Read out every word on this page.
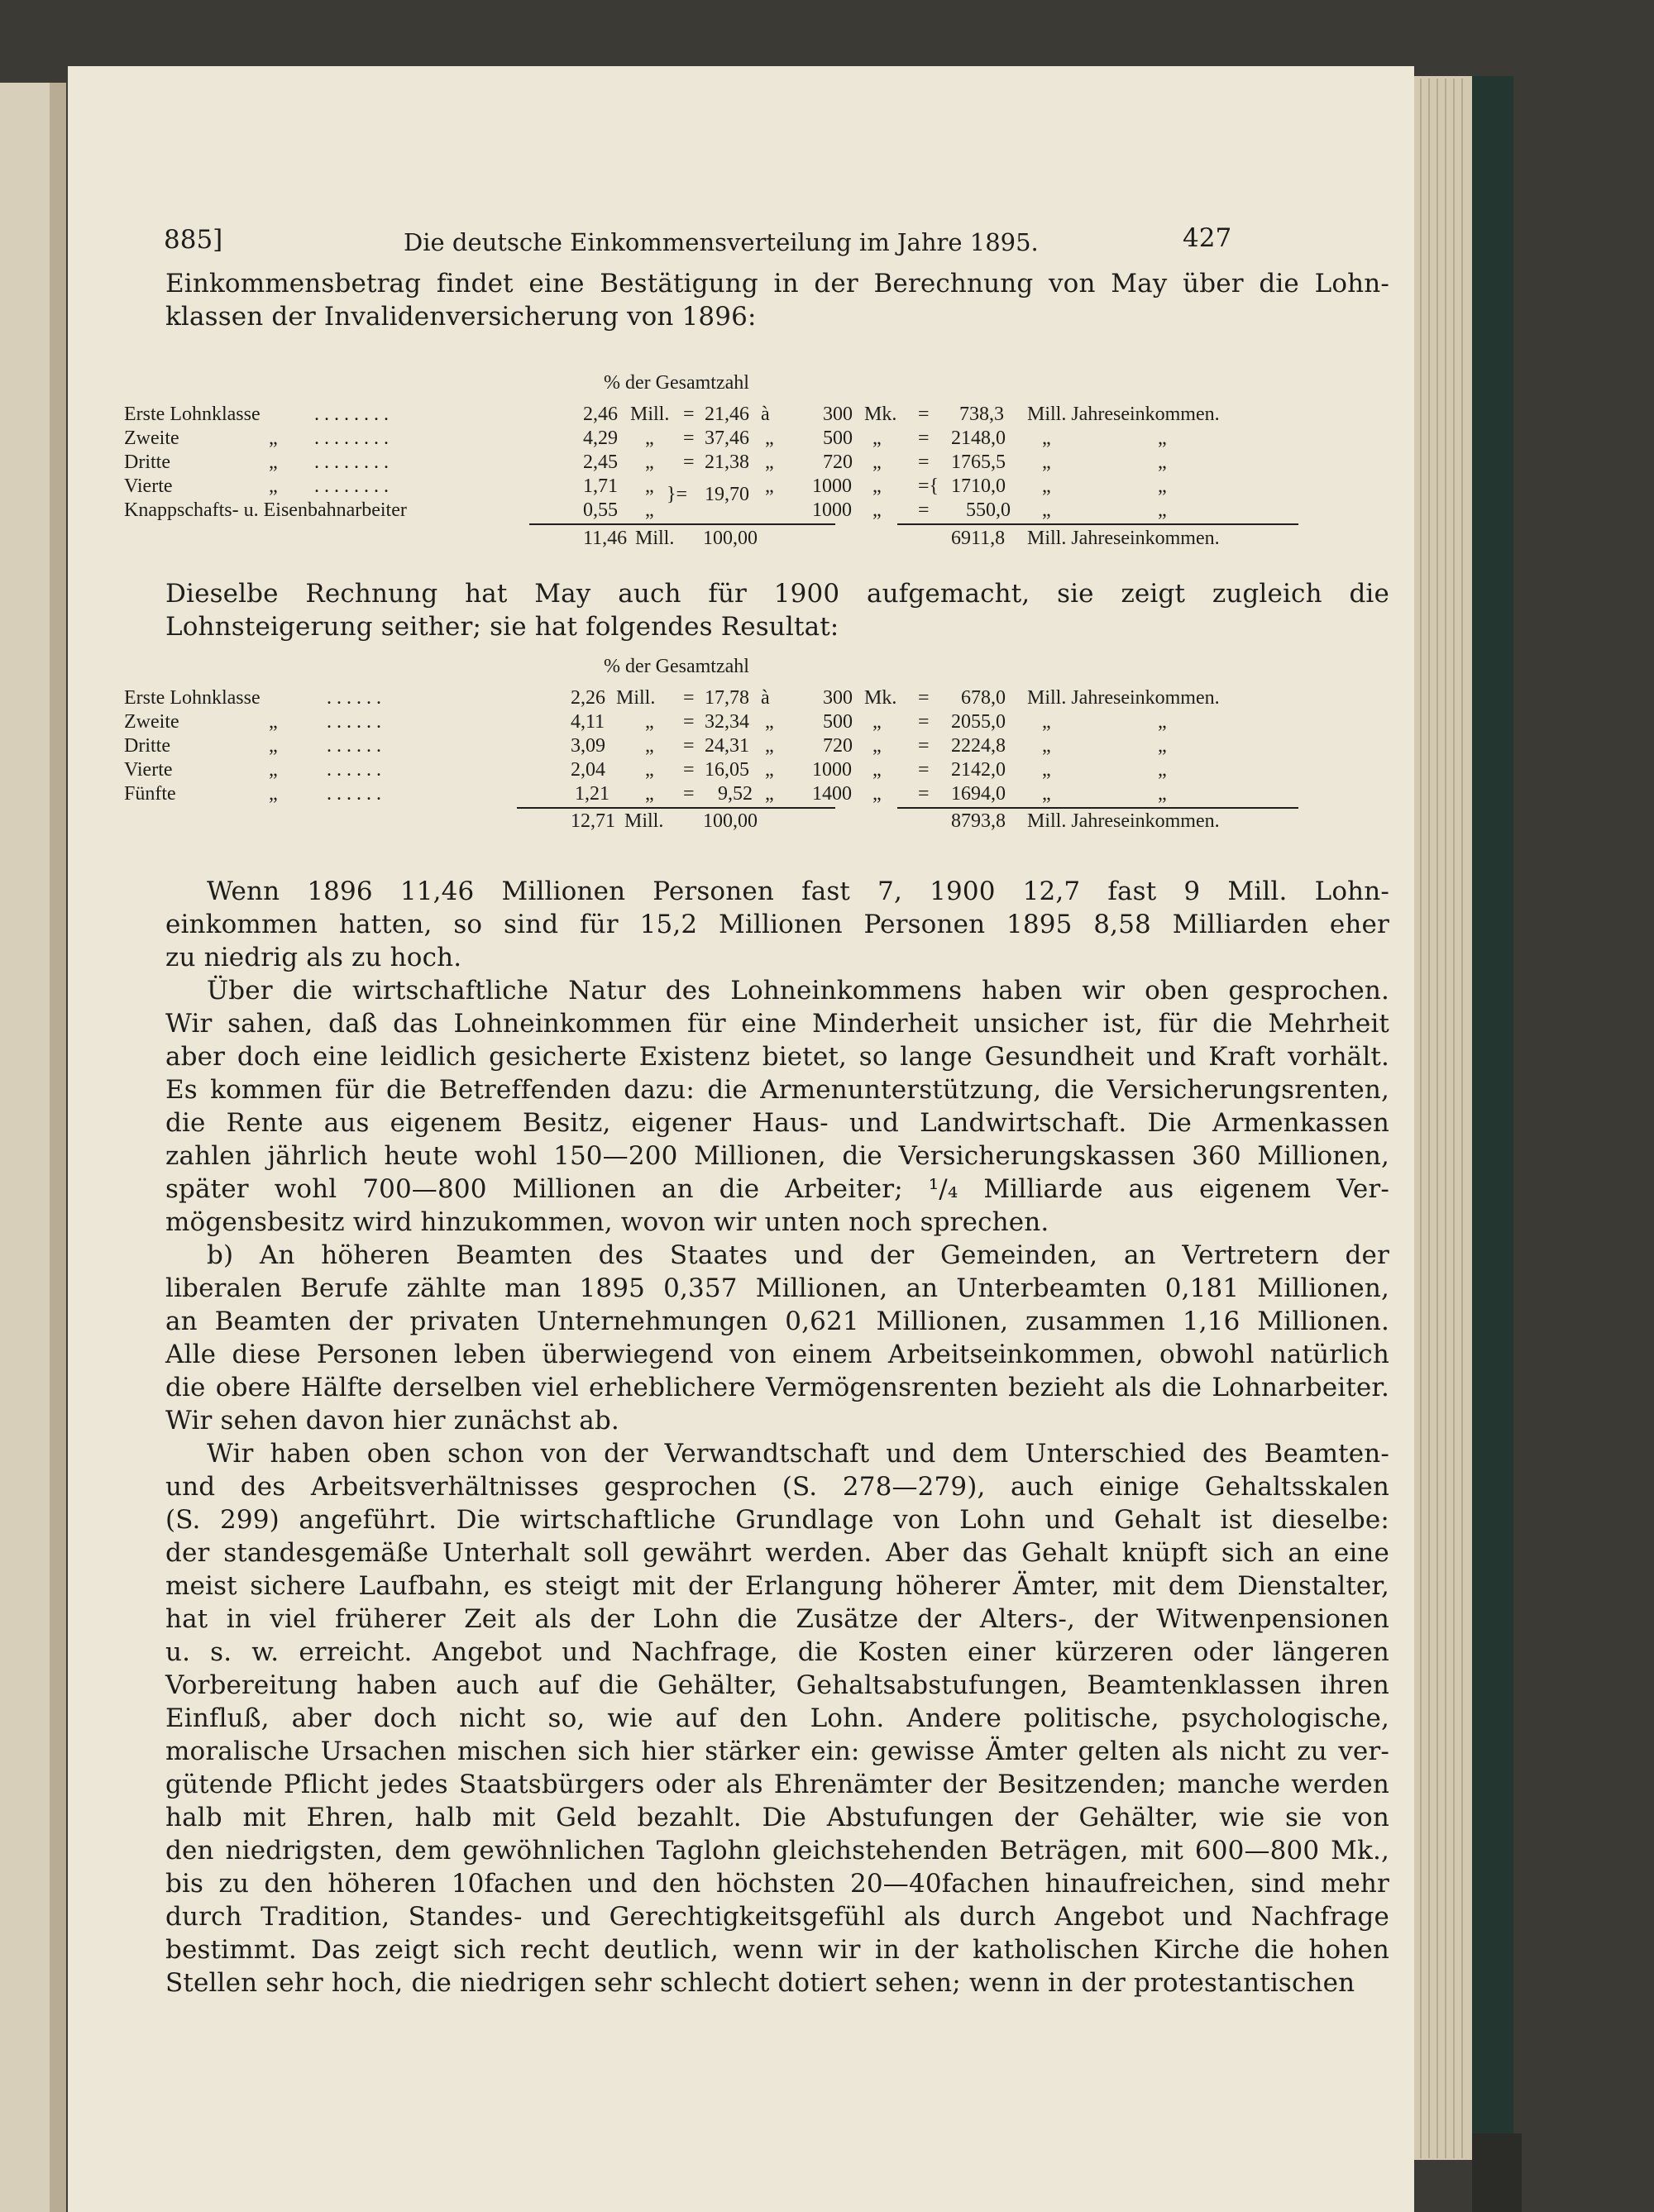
885]	Die deutsche Einkommensverteilung im Jahre 1895.	427
Einkommensbetrag findet eine Bestätigung in der Berechnung von May über die Lohn-
klassen der Invalidenversicherung von 1896:
% der Gesamtzahl
Erste Lohnklasse	. . . . . . . .	2,46 Mill. = 21,46 à	300 Mk. = 738,3 Mill. Jahreseinkommen.
Zweite	„ . . . . . . . .	4,29 „ = 37,46 „ 500 „ = 2148,0 „	„
Dritte	„ . . . . . . . .	2,45 „ = 21,38 „ 720 „ = 1765,5 „	„
Vierte	„ . . . . . . . .	1,71 „ }= 19,70 „ 1000 „ ={ 1710,0 „	„
Knappschafts- u. Eisenbahnarbeiter	0,55 „	1000 „ = 550,0 „	„
11,46 Mill. 100,00	6911,8 Mill. Jahreseinkommen.
Dieselbe Rechnung hat May auch für 1900 aufgemacht, sie zeigt zugleich die
Lohnsteigerung seither; sie hat folgendes Resultat:
% der Gesamtzahl
Erste Lohnklasse	. . . . . .	2,26 Mill. = 17,78 à	300 Mk. = 678,0 Mill. Jahreseinkommen.
Zweite	„ . . . . . .	4,11 „ = 32,34 „ 500 „ = 2055,0 „	„
Dritte	„ . . . . . .	3,09 „ = 24,31 „ 720 „ = 2224,8 „	„
Vierte	„ . . . . . .	2,04 „ = 16,05 „ 1000 „ = 2142,0 „	„
Fünfte	„ . . . . . .	1,21 „ = 9,52 „ 1400 „ = 1694,0 „	„
12,71 Mill. 100,00	8793,8 Mill. Jahreseinkommen.
Wenn 1896 11,46 Millionen Personen fast 7, 1900 12,7 fast 9 Mill. Lohn-
einkommen hatten, so sind für 15,2 Millionen Personen 1895 8,58 Milliarden eher
zu niedrig als zu hoch.
Über die wirtschaftliche Natur des Lohneinkommens haben wir oben gesprochen.
Wir sahen, daß das Lohneinkommen für eine Minderheit unsicher ist, für die Mehrheit
aber doch eine leidlich gesicherte Existenz bietet, so lange Gesundheit und Kraft vorhält.
Es kommen für die Betreffenden dazu: die Armenunterstützung, die Versicherungsrenten,
die Rente aus eigenem Besitz, eigener Haus- und Landwirtschaft. Die Armenkassen
zahlen jährlich heute wohl 150—200 Millionen, die Versicherungskassen 360 Millionen,
später wohl 700—800 Millionen an die Arbeiter; ¹/₄ Milliarde aus eigenem Ver-
mögensbesitz wird hinzukommen, wovon wir unten noch sprechen.
b) An höheren Beamten des Staates und der Gemeinden, an Vertretern der
liberalen Berufe zählte man 1895 0,357 Millionen, an Unterbeamten 0,181 Millionen,
an Beamten der privaten Unternehmungen 0,621 Millionen, zusammen 1,16 Millionen.
Alle diese Personen leben überwiegend von einem Arbeitseinkommen, obwohl natürlich
die obere Hälfte derselben viel erheblichere Vermögensrenten bezieht als die Lohnarbeiter.
Wir sehen davon hier zunächst ab.
Wir haben oben schon von der Verwandtschaft und dem Unterschied des Beamten-
und des Arbeitsverhältnisses gesprochen (S. 278—279), auch einige Gehaltsskalen
(S. 299) angeführt. Die wirtschaftliche Grundlage von Lohn und Gehalt ist dieselbe:
der standesgemäße Unterhalt soll gewährt werden. Aber das Gehalt knüpft sich an eine
meist sichere Laufbahn, es steigt mit der Erlangung höherer Ämter, mit dem Dienstalter,
hat in viel früherer Zeit als der Lohn die Zusätze der Alters-, der Witwenpensionen
u. s. w. erreicht. Angebot und Nachfrage, die Kosten einer kürzeren oder längeren
Vorbereitung haben auch auf die Gehälter, Gehaltsabstufungen, Beamtenklassen ihren
Einfluß, aber doch nicht so, wie auf den Lohn. Andere politische, psychologische,
moralische Ursachen mischen sich hier stärker ein: gewisse Ämter gelten als nicht zu ver-
gütende Pflicht jedes Staatsbürgers oder als Ehrenämter der Besitzenden; manche werden
halb mit Ehren, halb mit Geld bezahlt. Die Abstufungen der Gehälter, wie sie von
den niedrigsten, dem gewöhnlichen Taglohn gleichstehenden Beträgen, mit 600—800 Mk.,
bis zu den höheren 10fachen und den höchsten 20—40fachen hinaufreichen, sind mehr
durch Tradition, Standes- und Gerechtigkeitsgefühl als durch Angebot und Nachfrage
bestimmt. Das zeigt sich recht deutlich, wenn wir in der katholischen Kirche die hohen
Stellen sehr hoch, die niedrigen sehr schlecht dotiert sehen; wenn in der protestantischen
